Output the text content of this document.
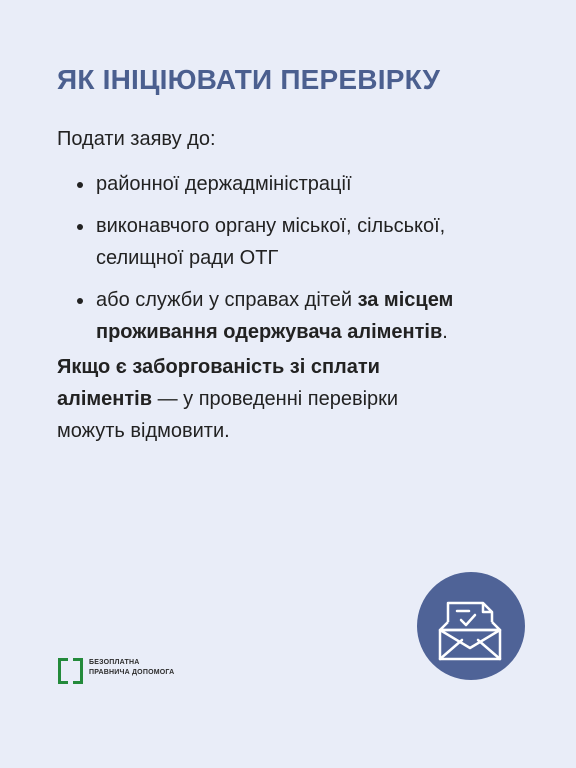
ЯК ІНІЦІЮВАТИ ПЕРЕВІРКУ
Подати заяву до:
районної держадміністрації
виконавчого органу міської, сільської,
селищної ради ОТГ
або служби у справах дітей за місцем
проживання одержувача аліментів.
Якщо є заборгованість зі сплати
аліментів — у проведенні перевірки
можуть відмовити.
БЕЗОПЛАТНА
ПРАВНИЧА ДОПОМОГА
